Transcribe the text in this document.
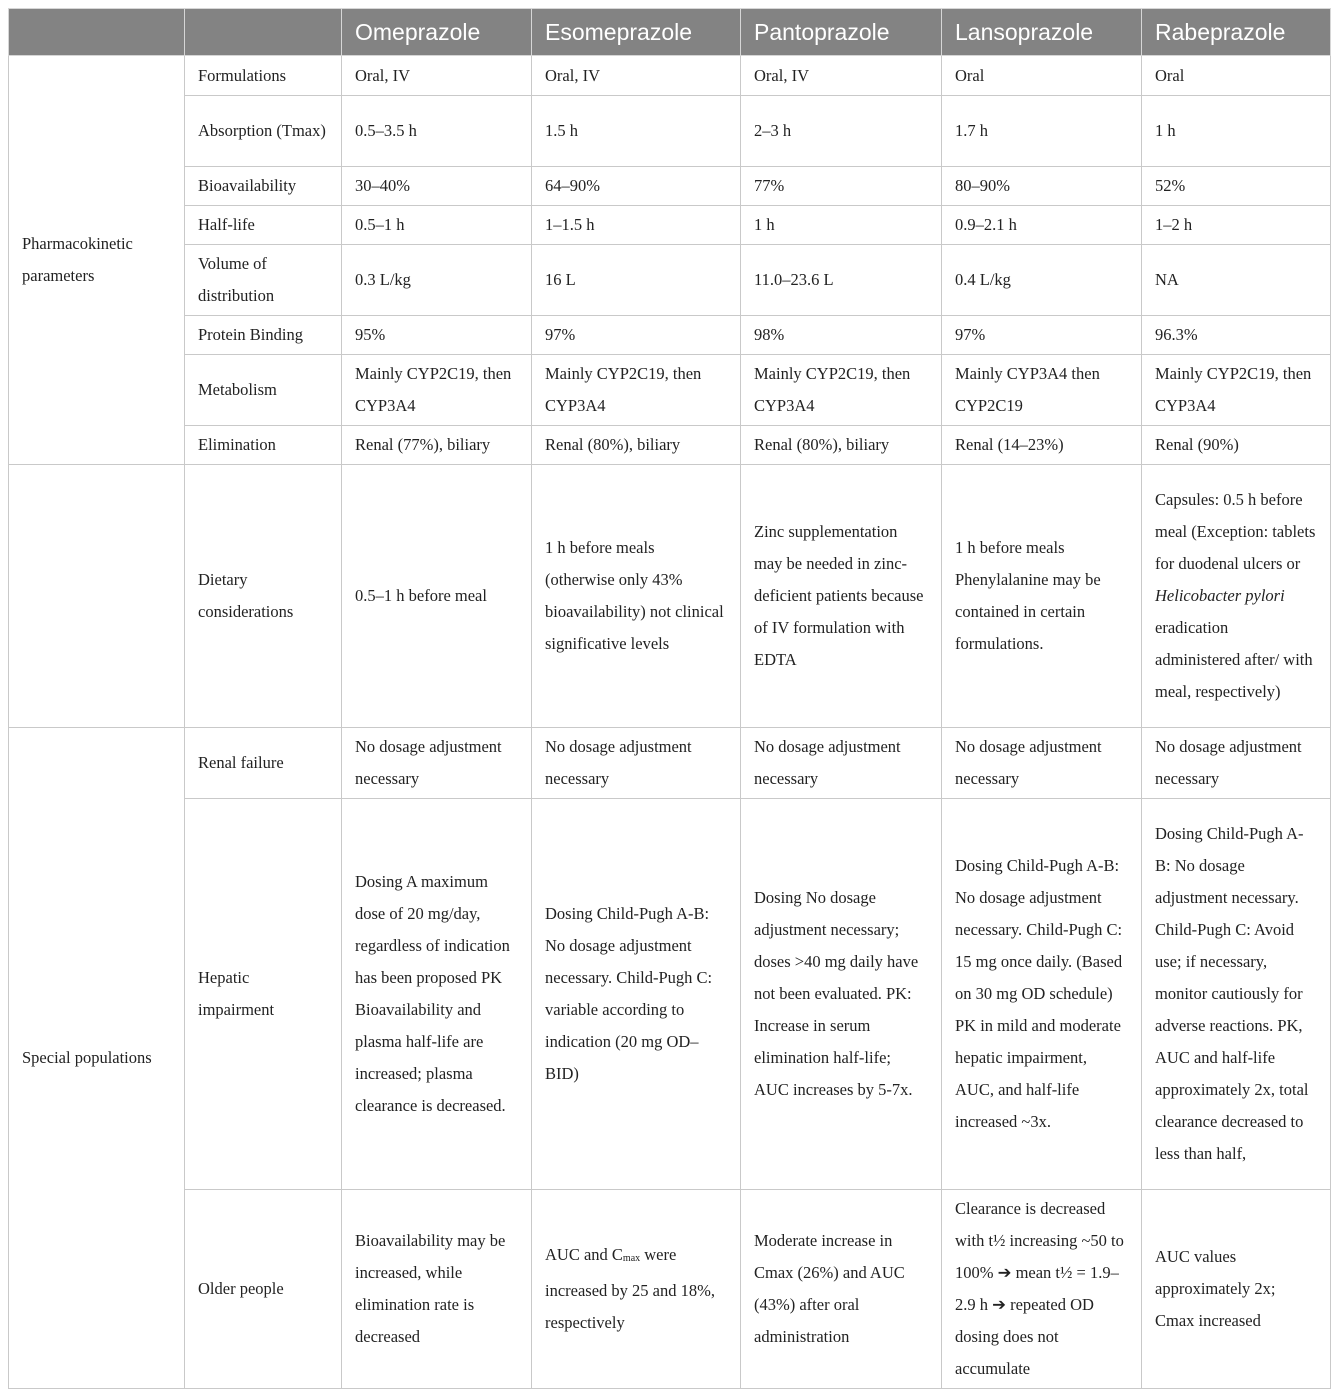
		Omeprazole	Esomeprazole	Pantoprazole	Lansoprazole	Rabeprazole
Pharmacokinetic parameters	Formulations	Oral, IV	Oral, IV	Oral, IV	Oral	Oral
	Absorption (Tmax)	0.5–3.5 h	1.5 h	2–3 h	1.7 h	1 h
	Bioavailability	30–40%	64–90%	77%	80–90%	52%
	Half-life	0.5–1 h	1–1.5 h	1 h	0.9–2.1 h	1–2 h
	Volume of distribution	0.3 L/kg	16 L	11.0–23.6 L	0.4 L/kg	NA
	Protein Binding	95%	97%	98%	97%	96.3%
	Metabolism	Mainly CYP2C19, then CYP3A4	Mainly CYP2C19, then CYP3A4	Mainly CYP2C19, then CYP3A4	Mainly CYP3A4 then CYP2C19	Mainly CYP2C19, then CYP3A4
	Elimination	Renal (77%), biliary	Renal (80%), biliary	Renal (80%), biliary	Renal (14–23%)	Renal (90%)
	Dietary considerations	0.5–1 h before meal	1 h before meals (otherwise only 43% bioavailability) not clinical significative levels	Zinc supplementation may be needed in zinc-deficient patients because of IV formulation with EDTA	1 h before meals Phenylalanine may be contained in certain formulations.	Capsules: 0.5 h before meal (Exception: tablets for duodenal ulcers or Helicobacter pylori eradication administered after/ with meal, respectively)
Special populations	Renal failure	No dosage adjustment necessary	No dosage adjustment necessary	No dosage adjustment necessary	No dosage adjustment necessary	No dosage adjustment necessary
	Hepatic impairment	Dosing A maximum dose of 20 mg/day, regardless of indication has been proposed PK Bioavailability and plasma half-life are increased; plasma clearance is decreased.	Dosing Child-Pugh A-B: No dosage adjustment necessary. Child-Pugh C: variable according to indication (20 mg OD–BID)	Dosing No dosage adjustment necessary; doses >40 mg daily have not been evaluated. PK: Increase in serum elimination half-life; AUC increases by 5-7x.	Dosing Child-Pugh A-B: No dosage adjustment necessary. Child-Pugh C: 15 mg once daily. (Based on 30 mg OD schedule) PK in mild and moderate hepatic impairment, AUC, and half-life increased ~3x.	Dosing Child-Pugh A-B: No dosage adjustment necessary. Child-Pugh C: Avoid use; if necessary, monitor cautiously for adverse reactions. PK, AUC and half-life approximately 2x, total clearance decreased to less than half,
	Older people	Bioavailability may be increased, while elimination rate is decreased	AUC and Cmax were increased by 25 and 18%, respectively	Moderate increase in Cmax (26%) and AUC (43%) after oral administration	Clearance is decreased with t½ increasing ~50 to 100% ➔ mean t½ = 1.9–2.9 h ➔ repeated OD dosing does not accumulate	AUC values approximately 2x; Cmax increased
